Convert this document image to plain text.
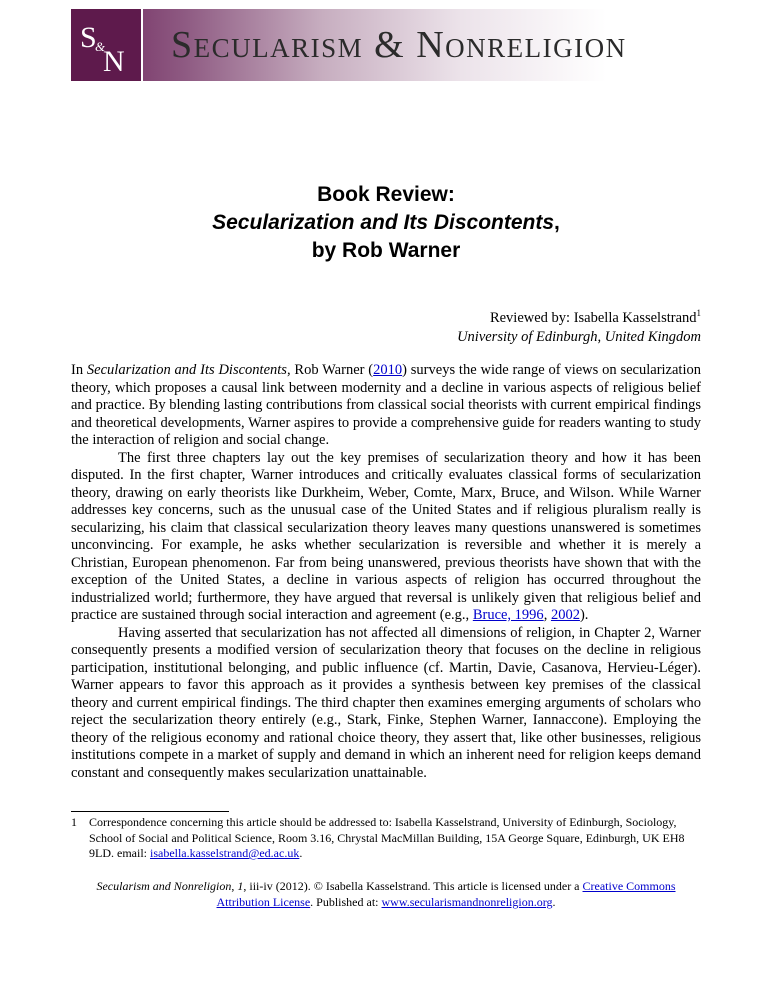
S
&
N Secularism & Nonreligion
Book Review:
Secularization and Its Discontents,
by Rob Warner
Reviewed by: Isabella Kasselstrand$^1$
University of Edinburgh, United Kingdom

In Secularization and Its Discontents, Rob Warner (2010) surveys the wide range of views on secularization theory, which proposes a causal link between modernity and a decline in various aspects of religious belief and practice. By blending lasting contributions from classical social theorists with current empirical findings and theoretical developments, Warner aspires to provide a comprehensive guide for readers wanting to study the interaction of religion and social change.

The first three chapters lay out the key premises of secularization theory and how it has been disputed. In the first chapter, Warner introduces and critically evaluates classical forms of secularization theory, drawing on early theorists like Durkheim, Weber, Comte, Marx, Bruce, and Wilson. While Warner addresses key concerns, such as the unusual case of the United States and if religious pluralism really is secularizing, his claim that classical secularization theory leaves many questions unanswered is sometimes unconvincing. For example, he asks whether secularization is reversible and whether it is merely a Christian, European phenomenon. Far from being unanswered, previous theorists have shown that with the exception of the United States, a decline in various aspects of religion has occurred throughout the industrialized world; furthermore, they have argued that reversal is unlikely given that religious belief and practice are sustained through social interaction and agreement (e.g., Bruce, 1996, 2002).

Having asserted that secularization has not affected all dimensions of religion, in Chapter 2, Warner consequently presents a modified version of secularization theory that focuses on the decline in religious participation, institutional belonging, and public influence (cf. Martin, Davie, Casanova, Hervieu-Léger). Warner appears to favor this approach as it provides a synthesis between key premises of the classical theory and current empirical findings. The third chapter then examines emerging arguments of scholars who reject the secularization theory entirely (e.g., Stark, Finke, Stephen Warner, Iannaccone). Employing the theory of the religious economy and rational choice theory, they assert that, like other businesses, religious institutions compete in a market of supply and demand in which an inherent need for religion keeps demand constant and consequently makes secularization unattainable.

1 Correspondence concerning this article should be addressed to: Isabella Kasselstrand, University of Edinburgh, Sociology, School of Social and Political Science, Room 3.16, Chrystal MacMillan Building, 15A George Square, Edinburgh, UK EH8 9LD. email: isabella.kasselstrand@ed.ac.uk.
Secularism and Nonreligion, 1, iii-iv (2012). © Isabella Kasselstrand. This article is licensed under a Creative Commons Attribution License. Published at: www.secularismandnonreligion.org.
